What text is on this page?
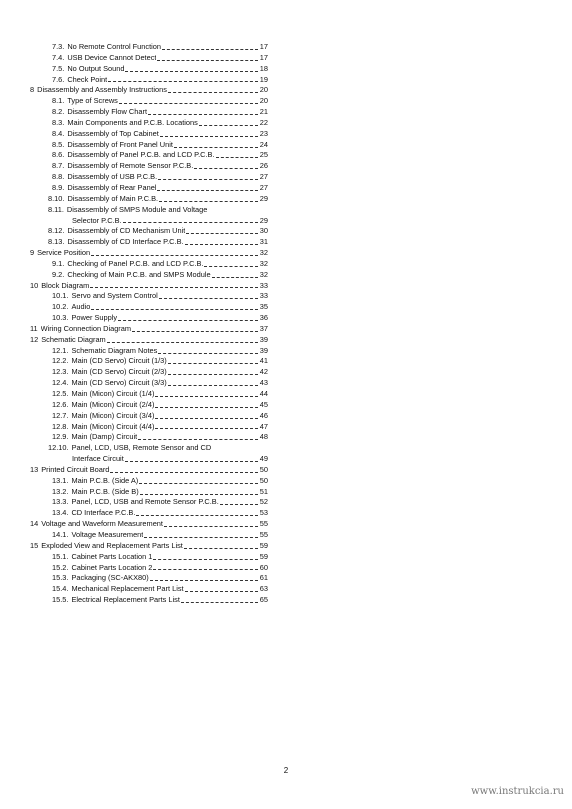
7.3. No Remote Control Function	17
7.4. USB Device Cannot Detect	17
7.5. No Output Sound	18
7.6. Check Point	19
8 Disassembly and Assembly Instructions	20
8.1. Type of Screws	20
8.2. Disassembly Flow Chart	21
8.3. Main Components and P.C.B. Locations	22
8.4. Disassembly of Top Cabinet	23
8.5. Disassembly of Front Panel Unit	24
8.6. Disassembly of Panel P.C.B. and LCD P.C.B.	25
8.7. Disassembly of Remote Sensor P.C.B.	26
8.8. Disassembly of USB P.C.B.	27
8.9. Disassembly of Rear Panel	27
8.10. Disassembly of Main P.C.B.	29
8.11. Disassembly of SMPS Module and Voltage
Selector P.C.B.	29
8.12. Disassembly of CD Mechanism Unit	30
8.13. Disassembly of CD Interface P.C.B.	31
9 Service Position	32
9.1. Checking of Panel P.C.B. and LCD P.C.B.	32
9.2. Checking of Main P.C.B. and SMPS Module	32
10 Block Diagram	33
10.1. Servo and System Control	33
10.2. Audio	35
10.3. Power Supply	36
11 Wiring Connection Diagram	37
12 Schematic Diagram	39
12.1. Schematic Diagram Notes	39
12.2. Main (CD Servo) Circuit (1/3)	41
12.3. Main (CD Servo) Circuit (2/3)	42
12.4. Main (CD Servo) Circuit (3/3)	43
12.5. Main (Micon) Circuit (1/4)	44
12.6. Main (Micon) Circuit (2/4)	45
12.7. Main (Micon) Circuit (3/4)	46
12.8. Main (Micon) Circuit (4/4)	47
12.9. Main (Damp) Circuit	48
12.10. Panel, LCD, USB, Remote Sensor and CD
Interface Circuit	49
13 Printed Circuit Board	50
13.1. Main P.C.B. (Side A)	50
13.2. Main P.C.B. (Side B)	51
13.3. Panel, LCD, USB and Remote Sensor P.C.B.	52
13.4. CD Interface P.C.B.	53
14 Voltage and Waveform Measurement	55
14.1. Voltage Measurement	55
15 Exploded View and Replacement Parts List	59
15.1. Cabinet Parts Location 1	59
15.2. Cabinet Parts Location 2	60
15.3. Packaging (SC-AKX80)	61
15.4. Mechanical Replacement Part List	63
15.5. Electrical Replacement Parts List	65
2
www.instrukcia.ru
